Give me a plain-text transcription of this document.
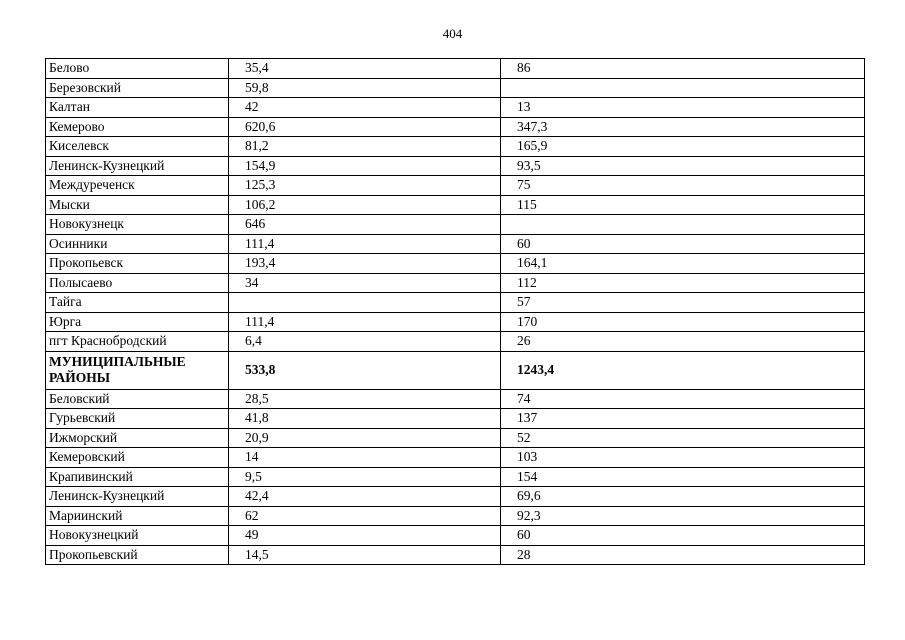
404
Белово	35,4	86
Березовский	59,8	
Калтан	42	13
Кемерово	620,6	347,3
Киселевск	81,2	165,9
Ленинск-Кузнецкий	154,9	93,5
Междуреченск	125,3	75
Мыски	106,2	115
Новокузнецк	646	
Осинники	111,4	60
Прокопьевск	193,4	164,1
Полысаево	34	112
Тайга		57
Юрга	111,4	170
пгт Краснобродский	6,4	26
МУНИЦИПАЛЬНЫЕ РАЙОНЫ	533,8	1243,4
Беловский	28,5	74
Гурьевский	41,8	137
Ижморский	20,9	52
Кемеровский	14	103
Крапивинский	9,5	154
Ленинск-Кузнецкий	42,4	69,6
Мариинский	62	92,3
Новокузнецкий	49	60
Прокопьевский	14,5	28
